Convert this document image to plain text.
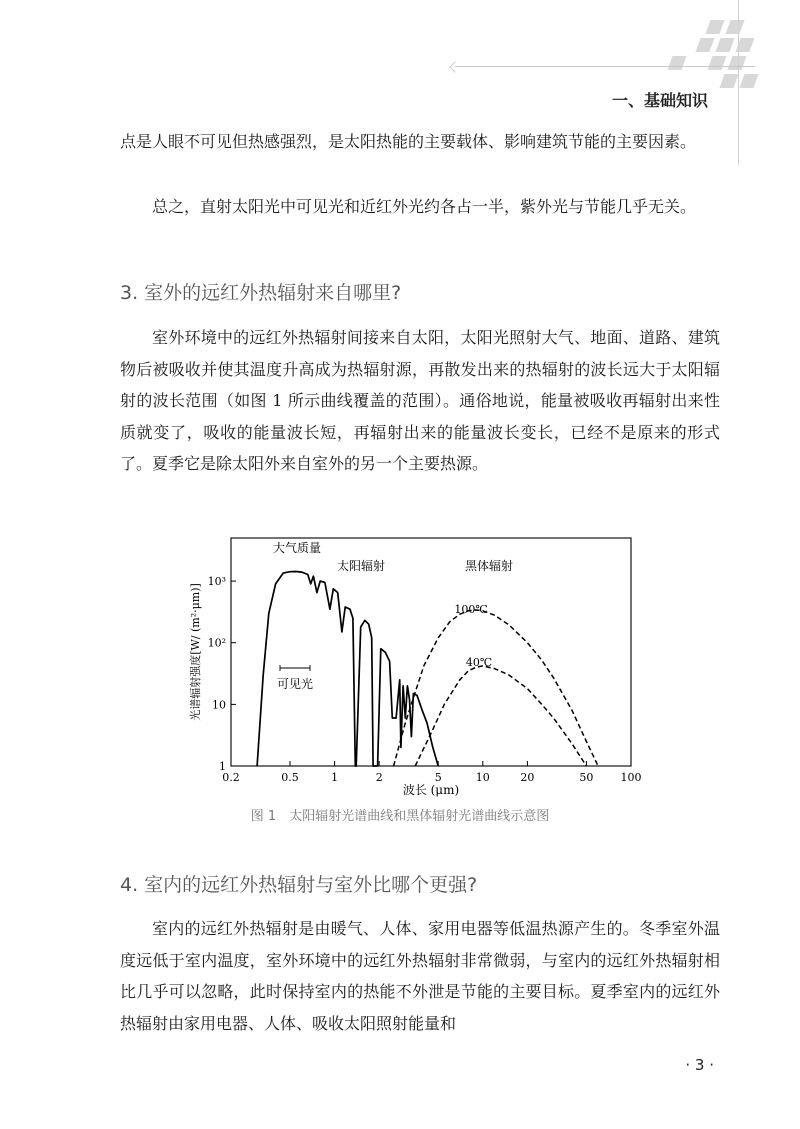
一、基础知识
点是人眼不可见但热感强烈，是太阳热能的主要载体、影响建筑节能的主要因素。
总之，直射太阳光中可见光和近红外光约各占一半，紫外光与节能几乎无关。
3. 室外的远红外热辐射来自哪里?
室外环境中的远红外热辐射间接来自太阳，太阳光照射大气、地面、道路、建筑物后被吸收并使其温度升高成为热辐射源，再散发出来的热辐射的波长远大于太阳辐射的波长范围（如图 1 所示曲线覆盖的范围）。通俗地说，能量被吸收再辐射出来性质就变了，吸收的能量波长短，再辐射出来的能量波长变长，已经不是原来的形式了。夏季它是除太阳外来自室外的另一个主要热源。
0.2	0.5	1	2	5	10	20	50 100
1
10
10²
10³
大气质量
太阳辐射	黑体辐射
100℃
40℃
可见光
波长 (μm)
光谱辐射强度[W/ (m²·μm)]
图 1　太阳辐射光谱曲线和黑体辐射光谱曲线示意图
4. 室内的远红外热辐射与室外比哪个更强?
室内的远红外热辐射是由暖气、人体、家用电器等低温热源产生的。冬季室外温度远低于室内温度，室外环境中的远红外热辐射非常微弱，与室内的远红外热辐射相比几乎可以忽略，此时保持室内的热能不外泄是节能的主要目标。夏季室内的远红外热辐射由家用电器、人体、吸收太阳照射能量和
· 3 ·
